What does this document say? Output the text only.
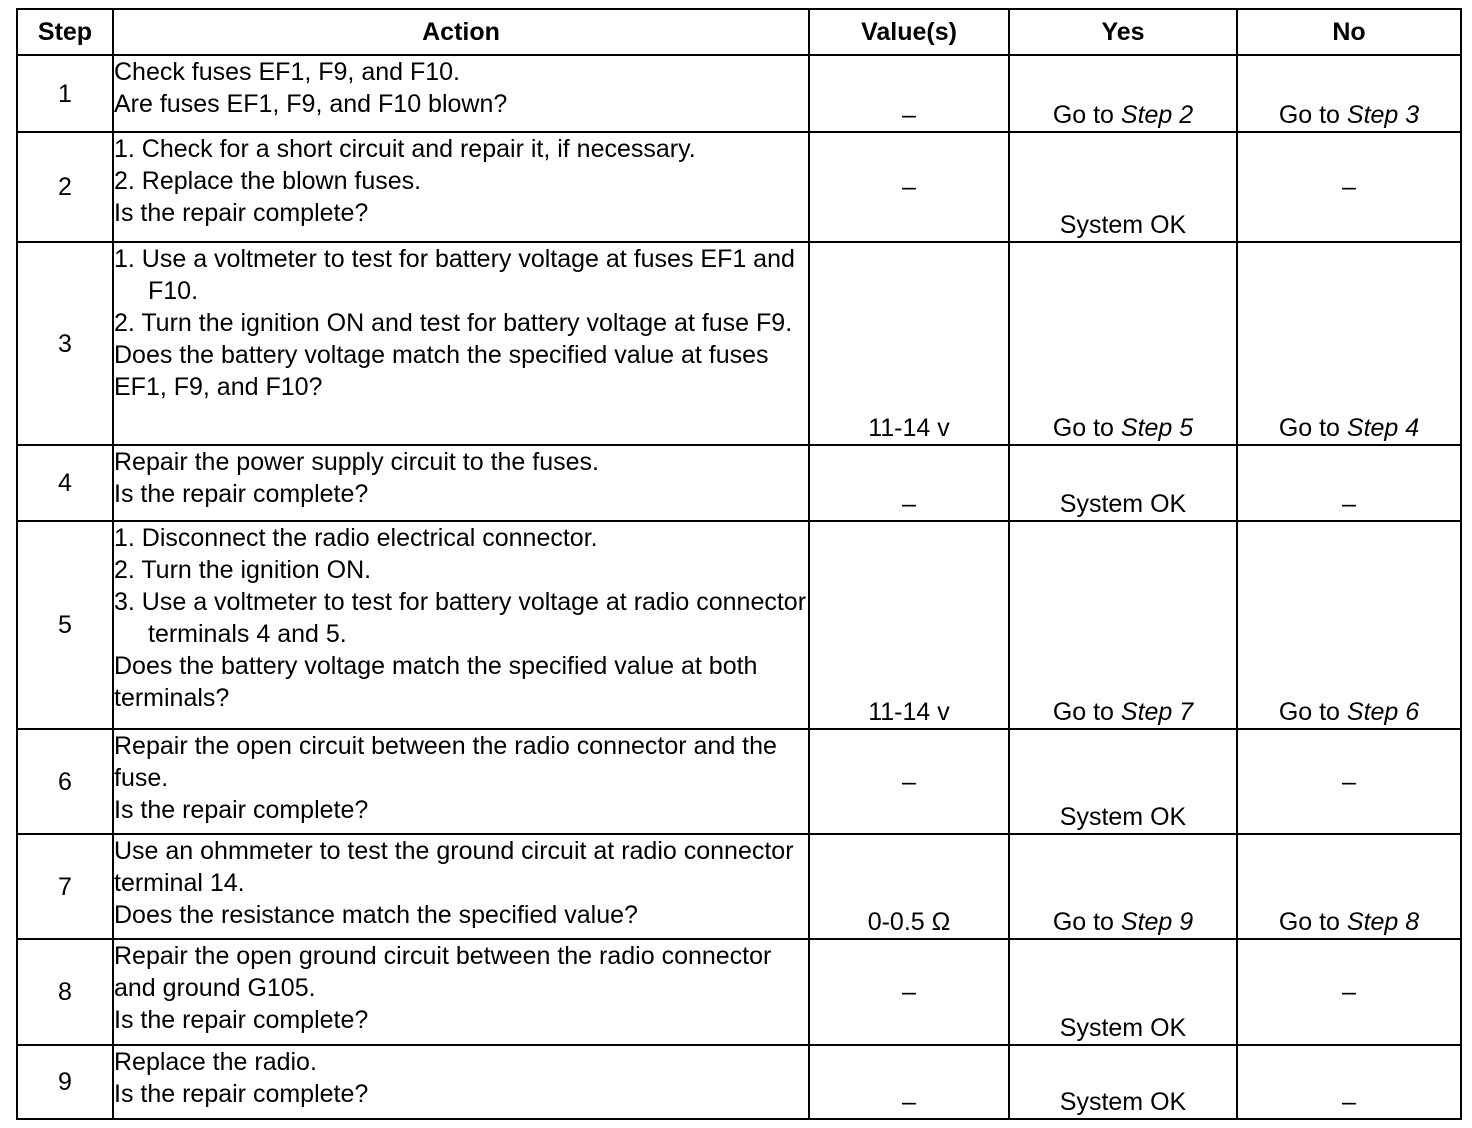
Step	Action	Value(s)	Yes	No
1	Check fuses EF1, F9, and F10.
Are fuses EF1, F9, and F10 blown?	–	Go to Step 2	Go to Step 3
2	1. Check for a short circuit and repair it, if necessary.
2. Replace the blown fuses.
Is the repair complete?	–	System OK	–
3	1. Use a voltmeter to test for battery voltage at fuses EF1 and F10.
2. Turn the ignition ON and test for battery voltage at fuse F9.
Does the battery voltage match the specified value at fuses EF1, F9, and F10?	11-14 v	Go to Step 5	Go to Step 4
4	Repair the power supply circuit to the fuses.
Is the repair complete?	–	System OK	–
5	1. Disconnect the radio electrical connector.
2. Turn the ignition ON.
3. Use a voltmeter to test for battery voltage at radio connector terminals 4 and 5.
Does the battery voltage match the specified value at both terminals?	11-14 v	Go to Step 7	Go to Step 6
6	Repair the open circuit between the radio connector and the fuse.
Is the repair complete?	–	System OK	–
7	Use an ohmmeter to test the ground circuit at radio connector terminal 14.
Does the resistance match the specified value?	0-0.5 Ω	Go to Step 9	Go to Step 8
8	Repair the open ground circuit between the radio connector and ground G105.
Is the repair complete?	–	System OK	–
9	Replace the radio.
Is the repair complete?	–	System OK	–
